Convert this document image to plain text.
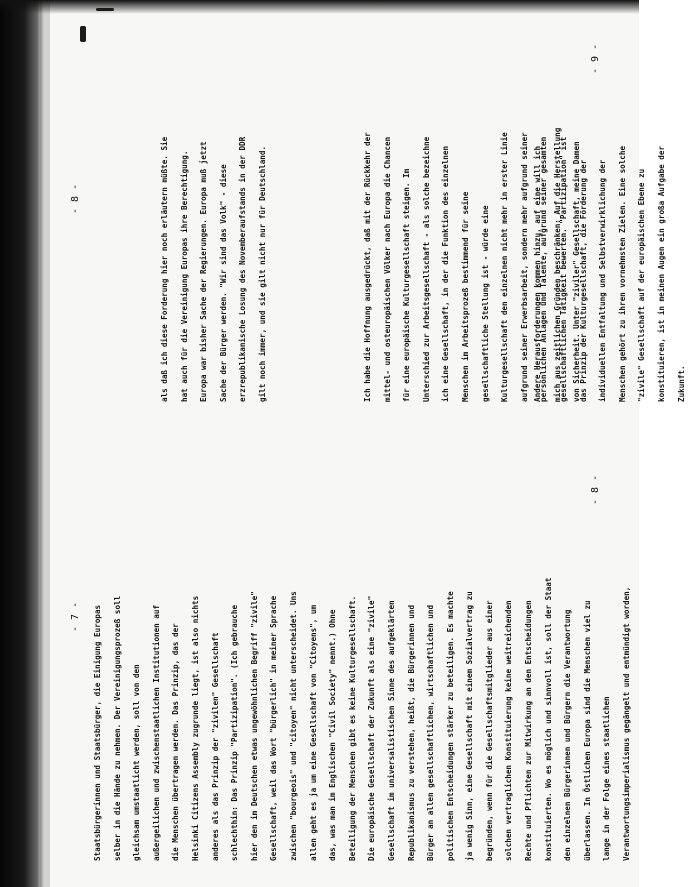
- 7 -
- 8 -
- 8 -
- 9 -
Staatsbürgerinnen und Staatsbürger, die Einigung Europas	selber in die Hände zu nehmen. Der Vereinigungsprozeß soll	gleichsam umstaatlicht werden, soll von den	außergeilichen und zwischenstaatlichen Institutionen auf	die Menschen übertragen werden. Das Prinzip, das der	Helsinki Citizens Assembly zugrunde liegt, ist also nichts	anderes als das Prinzip der "zivilen" Gesellschaft	schlechthin: Das Prinzip "Partizipation". (Ich gebrauche	hier den im Deutschen etwas ungewöhnlichen Begriff "zivile"	Gesellschaft, weil das Wort "bürgerlich" in meiner Sprache	zwischen "bourgeois" und "citoyen" nicht unterscheidet. Uns	allen geht es ja um eine Gesellschaft von "Citoyens", um	das, was man im Englischen "Civil Society" nennt.) Ohne	Beteiligung der Menschen gibt es keine Kulturgesellschaft.	Die europäische Gesellschaft der Zukunft als eine "zivile"	Gesellschaft im universalistischen Sinne des aufgeklärten	Republikanismus zu verstehen, heißt, die Bürgerinnen und	Bürger an allen gesellschaftlichen, wirtschaftlichen und	politischen Entscheidungen stärker zu beteiligen. Es machte	ja wenig Sinn, eine Gesellschaft mit einem Sozialvertrag zu	begründen, wenn für die Gesellschaftsmitglieder aus einer	solchen vertraglichen Konstituierung keine weitreichenden	Rechte und Pflichten zur Mitwirkung an den Entscheidungen	konstituierten. Wo es möglich und sinnvoll ist, soll der Staat	den einzelnen Bürgerinnen und Bürgern die Verantwortung	überlassen. In Östlichen Europa sind die Menschen viel zu	lange in der Folge eines staatlichen	Verantwortungsimperialismus gegängelt und entmündigt worden,
als daß ich diese Forderung hier noch erläutern müßte. Sie	hat auch für die Vereinigung Europas ihre Berechtigung.	Europa war bisher Sache der Regierungen. Europa muß jetzt	Sache der Bürger werden. "Wir sind das Volk" - diese	erzrepublikanische Losung des Novemberaufstands in der DDR	gilt noch immer, und sie gilt nicht nur für Deutschland.	Ich habe die Hoffnung ausgedrückt, daß mit der Rückkehr der	mittel- und osteuropäischen Völker nach Europa die Chancen	für eine europäische Kulturgesellschaft steigen. Im	Unterschied zur Arbeitsgesellschaft - als solche bezeichne	ich eine Gesellschaft, in der die Funktion des einzelnen	Menschen im Arbeitsprozeß bestimmend für seine	gesellschaftliche Stellung ist - würde eine	Kulturgesellschaft den einzelnen nicht mehr in erster Linie	aufgrund seiner Erwerbsarbeit, sondern mehr aufgrund seiner	persönlichen Anlagen und Talente, aufgrund seiner gesamten	gesellschaftlichen Tätigkeit bewerten. "Partizipation" ist	das Prinzip der Kulturgesellschaft, die Förderung der	individuellen Entfaltung und Selbstverwirklichung der	Menschen gehört zu ihren vornehmsten Zielen. Eine solche	"zivile" Gesellschaft auf der europäischen Ebene zu	konstituieren, ist in meinen Augen ein großa Aufgabe der	Zukunft.
Andere Herausforderungen kommen hinzu, auf eine will ich	mich aus zeitlichen Gründen beschränken: Auf die Herstellung	von Sicherheit. Unter "ziviler" Gesellschaft, meine Damen
